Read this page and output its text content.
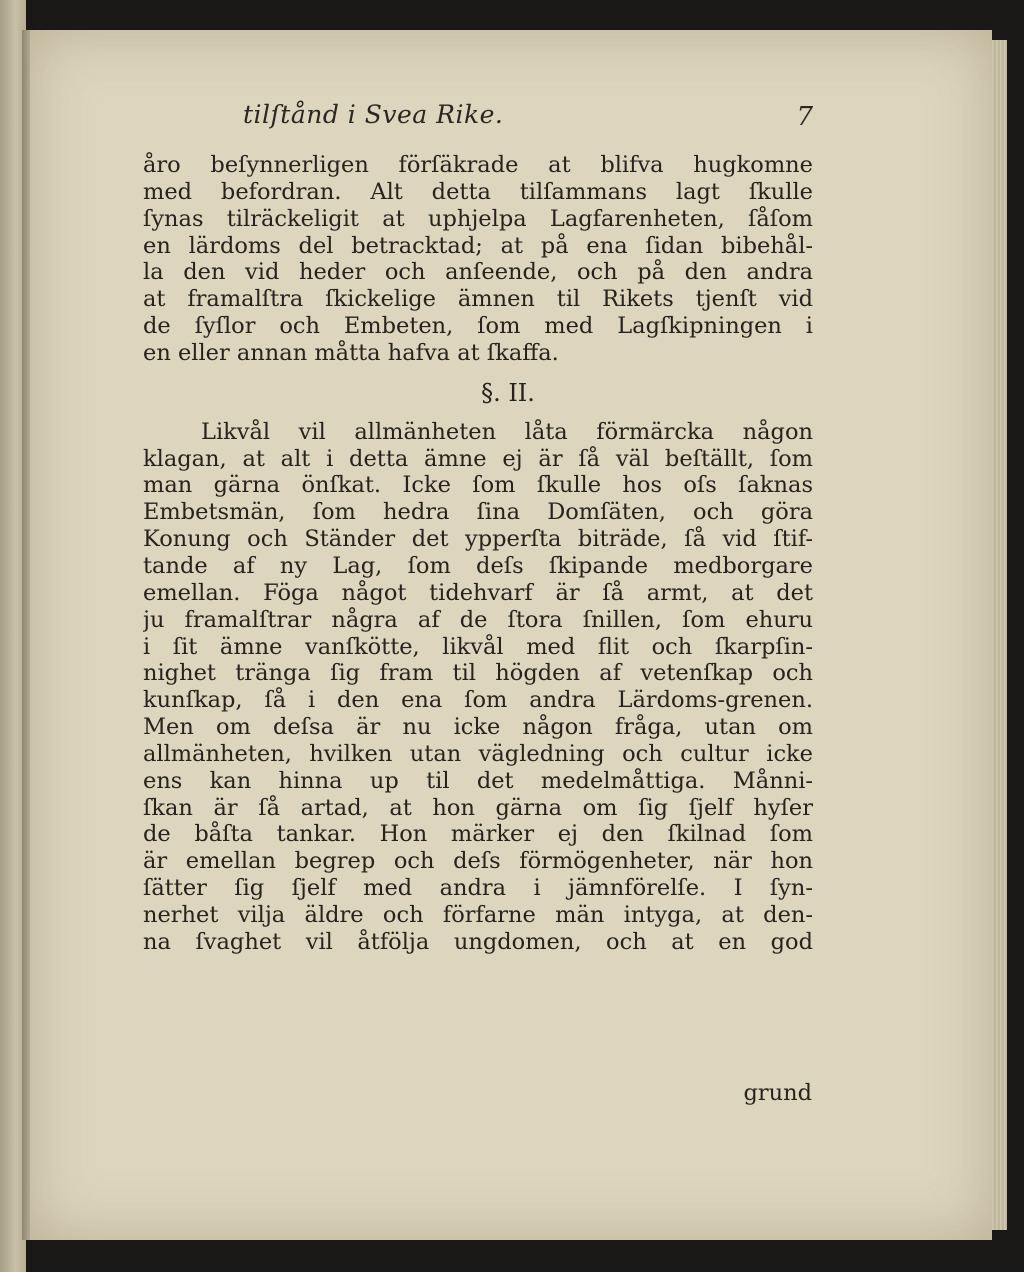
tilſtånd i Svea Rike.	7
åro beſynnerligen förſäkrade at blifva hugkomne
med befordran. Alt detta tilſammans lagt ſkulle
ſynas tilräckeligit at uphjelpa Lagfarenheten, ſåſom
en lärdoms del betracktad; at på ena ſidan bibehål-
la den vid heder och anſeende, och på den andra
at framalſtra ſkickelige ämnen til Rikets tjenſt vid
de ſyſlor och Embeten, ſom med Lagſkipningen i
en eller annan måtta hafva at ſkaffa.
§. II.
Likvål vil allmänheten låta förmärcka någon
klagan, at alt i detta ämne ej är ſå väl beſtällt, ſom
man gärna önſkat. Icke ſom ſkulle hos oſs ſaknas
Embetsmän, ſom hedra ſina Domſäten, och göra
Konung och Ständer det ypperſta biträde, ſå vid ſtif-
tande af ny Lag, ſom deſs ſkipande medborgare
emellan. Föga något tidehvarf är ſå armt, at det
ju framalſtrar några af de ſtora ſnillen, ſom ehuru
i ſit ämne vanſkötte, likvål med flit och ſkarpſin-
nighet tränga ſig fram til högden af vetenſkap och
kunſkap, ſå i den ena ſom andra Lärdoms-grenen.
Men om deſsa är nu icke någon fråga, utan om
allmänheten, hvilken utan vägledning och cultur icke
ens kan hinna up til det medelmåttiga. Månni-
ſkan är ſå artad, at hon gärna om ſig ſjelf hyſer
de båſta tankar. Hon märker ej den ſkilnad ſom
är emellan begrep och deſs förmögenheter, när hon
ſätter ſig ſjelf med andra i jämnförelſe. I ſyn-
nerhet vilja äldre och förfarne män intyga, at den-
na ſvaghet vil åtfölja ungdomen, och at en god
grund
